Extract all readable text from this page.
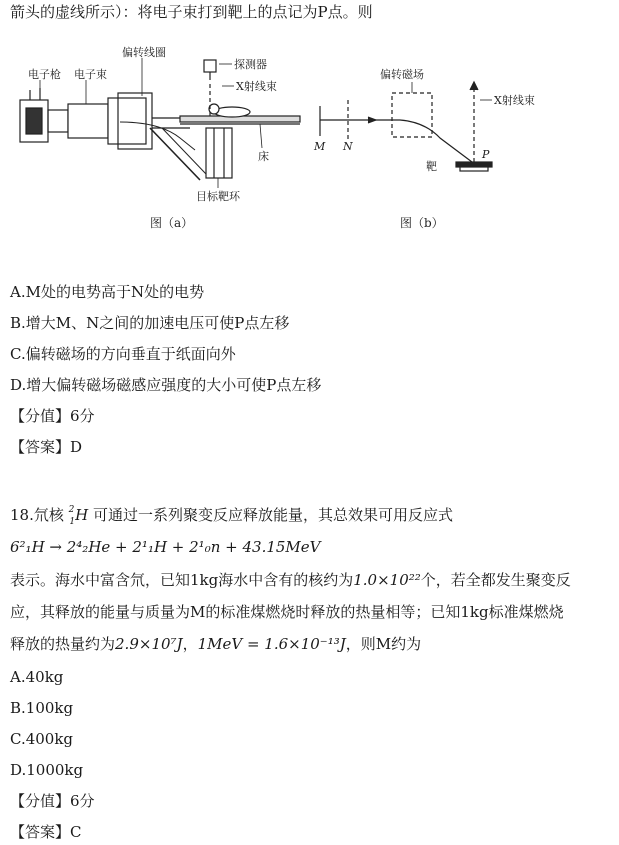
箭头的虚线所示）：将电子束打到靶上的点记为P点。则
电子枪 电子束
偏转线圈
探测器
X射线束
床
目标靶环
偏转磁场
X射线束
M N
靶
P
图（a）	图（b）
A.M处的电势高于N处的电势
B.增大M、N之间的加速电压可使P点左移
C.偏转磁场的方向垂直于纸面向外
D.增大偏转磁场磁感应强度的大小可使P点左移
【分值】6分
【答案】D
18.氘核 $^2_1$H 可通过一系列聚变反应释放能量，其总效果可用反应式
6²₁H → 2⁴₂He + 2¹₁H + 2¹₀n + 43.15MeV
表示。海水中富含氘，已知1kg海水中含有的核约为1.0×10²²个，若全都发生聚变反
应，其释放的能量与质量为M的标准煤燃烧时释放的热量相等；已知1kg标准煤燃烧
释放的热量约为2.9×10⁷J，1MeV = 1.6×10⁻¹³J，则M约为
A.40kg
B.100kg
C.400kg
D.1000kg
【分值】6分
【答案】C
